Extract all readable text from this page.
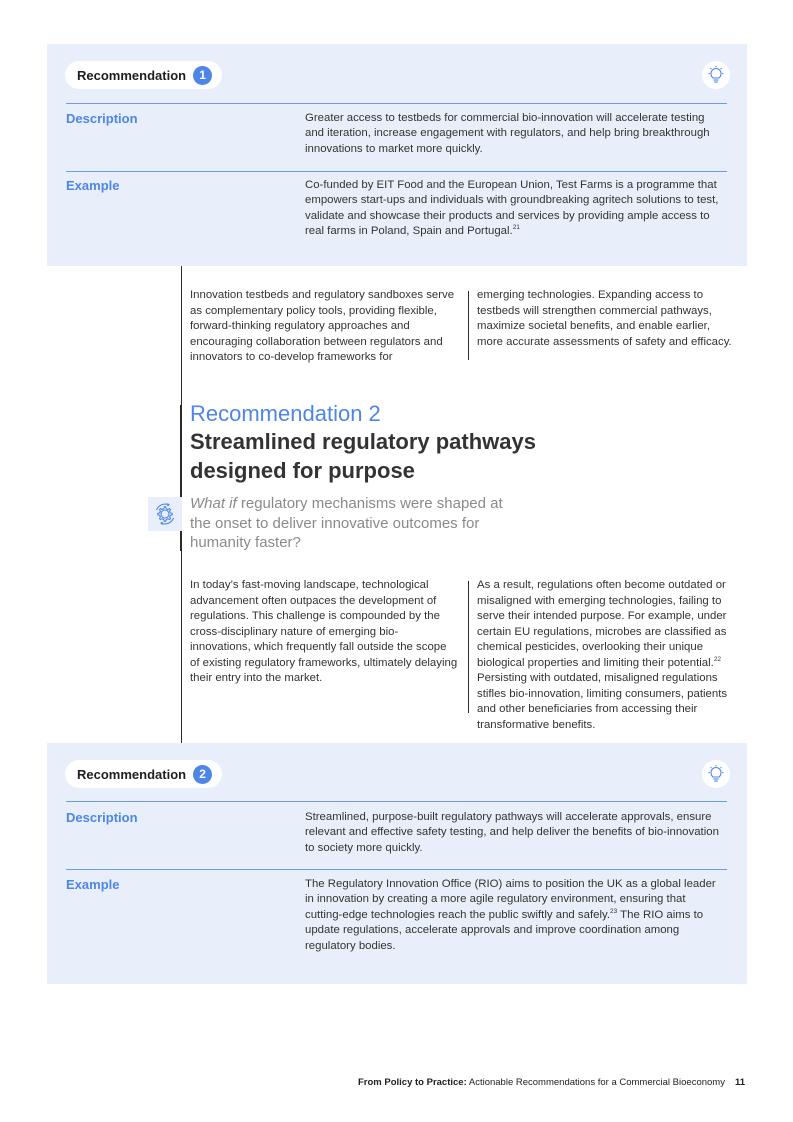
Recommendation	1
Description	Greater access to testbeds for commercial bio-innovation will accelerate testing and iteration, increase engagement with regulators, and help bring breakthrough innovations to market more quickly.
Example	Co-funded by EIT Food and the European Union, Test Farms is a programme that empowers start-ups and individuals with groundbreaking agritech solutions to test, validate and showcase their products and services by providing ample access to real farms in Poland, Spain and Portugal.$^{21}$
Innovation testbeds and regulatory sandboxes serve as complementary policy tools, providing flexible, forward-thinking regulatory approaches and encouraging collaboration between regulators and innovators to co-develop frameworks for
emerging technologies. Expanding access to testbeds will strengthen commercial pathways, maximize societal benefits, and enable earlier, more accurate assessments of safety and efficacy.
Recommendation 2
Streamlined regulatory pathways designed for purpose
What if regulatory mechanisms were shaped at the onset to deliver innovative outcomes for humanity faster?
In today’s fast-moving landscape, technological advancement often outpaces the development of regulations. This challenge is compounded by the cross-disciplinary nature of emerging bio-innovations, which frequently fall outside the scope of existing regulatory frameworks, ultimately delaying their entry into the market.
As a result, regulations often become outdated or misaligned with emerging technologies, failing to serve their intended purpose. For example, under certain EU regulations, microbes are classified as chemical pesticides, overlooking their unique biological properties and limiting their potential.$^{22}$ Persisting with outdated, misaligned regulations stifles bio-innovation, limiting consumers, patients and other beneficiaries from accessing their transformative benefits.
Recommendation	2
Description	Streamlined, purpose-built regulatory pathways will accelerate approvals, ensure relevant and effective safety testing, and help deliver the benefits of bio-innovation to society more quickly.
Example	The Regulatory Innovation Office (RIO) aims to position the UK as a global leader in innovation by creating a more agile regulatory environment, ensuring that cutting-edge technologies reach the public swiftly and safely.$^{23}$ The RIO aims to update regulations, accelerate approvals and improve coordination among regulatory bodies.
From Policy to Practice: Actionable Recommendations for a Commercial Bioeconomy 11
